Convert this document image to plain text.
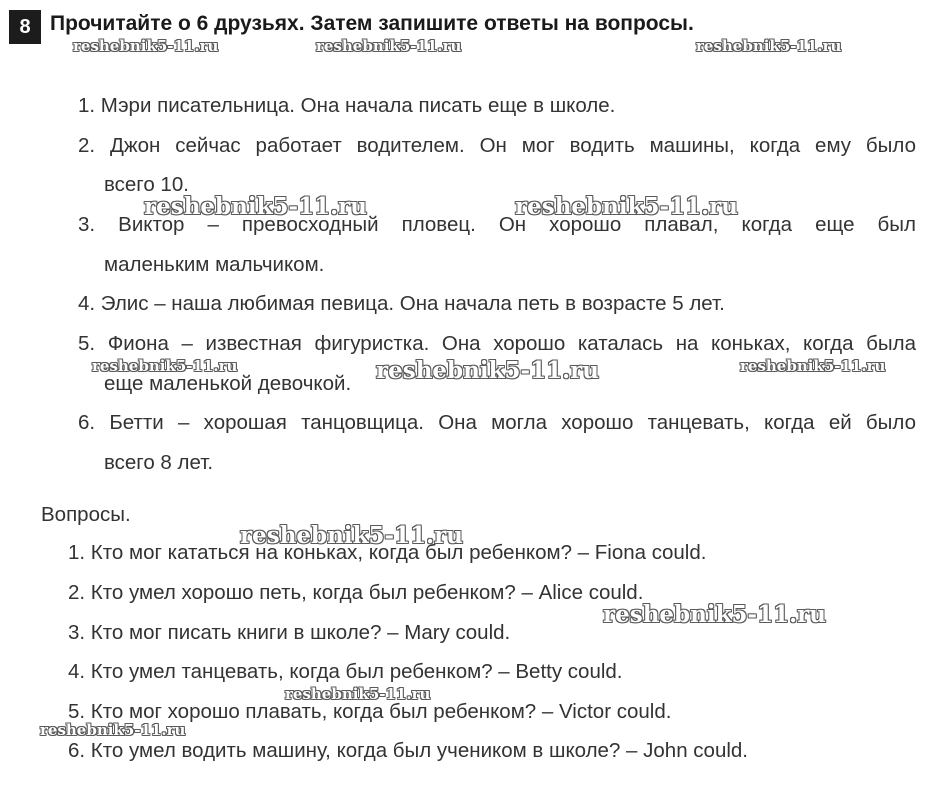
8 Прочитайте о 6 друзьях. Затем запишите ответы на вопросы.
1. Мэри писательница. Она начала писать еще в школе.
2. Джон сейчас работает водителем. Он мог водить машины, когда ему было
всего 10.
3. Виктор – превосходный пловец. Он хорошо плавал, когда еще был
маленьким мальчиком.
4. Элис – наша любимая певица. Она начала петь в возрасте 5 лет.
5. Фиона – известная фигуристка. Она хорошо каталась на коньках, когда была
еще маленькой девочкой.
6. Бетти – хорошая танцовщица. Она могла хорошо танцевать, когда ей было
всего 8 лет.
Вопросы.
1. Кто мог кататься на коньках, когда был ребенком? – Fiona could.
2. Кто умел хорошо петь, когда был ребенком? – Alice could.
3. Кто мог писать книги в школе? – Mary could.
4. Кто умел танцевать, когда был ребенком? – Betty could.
5. Кто мог хорошо плавать, когда был ребенком? – Victor could.
6. Кто умел водить машину, когда был учеником в школе? – John could.
reshebnik5-11.ru	reshebnik5-11.ru	reshebnik5-11.ru
reshebnik5-11.ru	reshebnik5-11.ru
reshebnik5-11.ru	reshebnik5-11.ru	reshebnik5-11.ru
reshebnik5-11.ru
reshebnik5-11.ru
reshebnik5-11.ru
reshebnik5-11.ru
